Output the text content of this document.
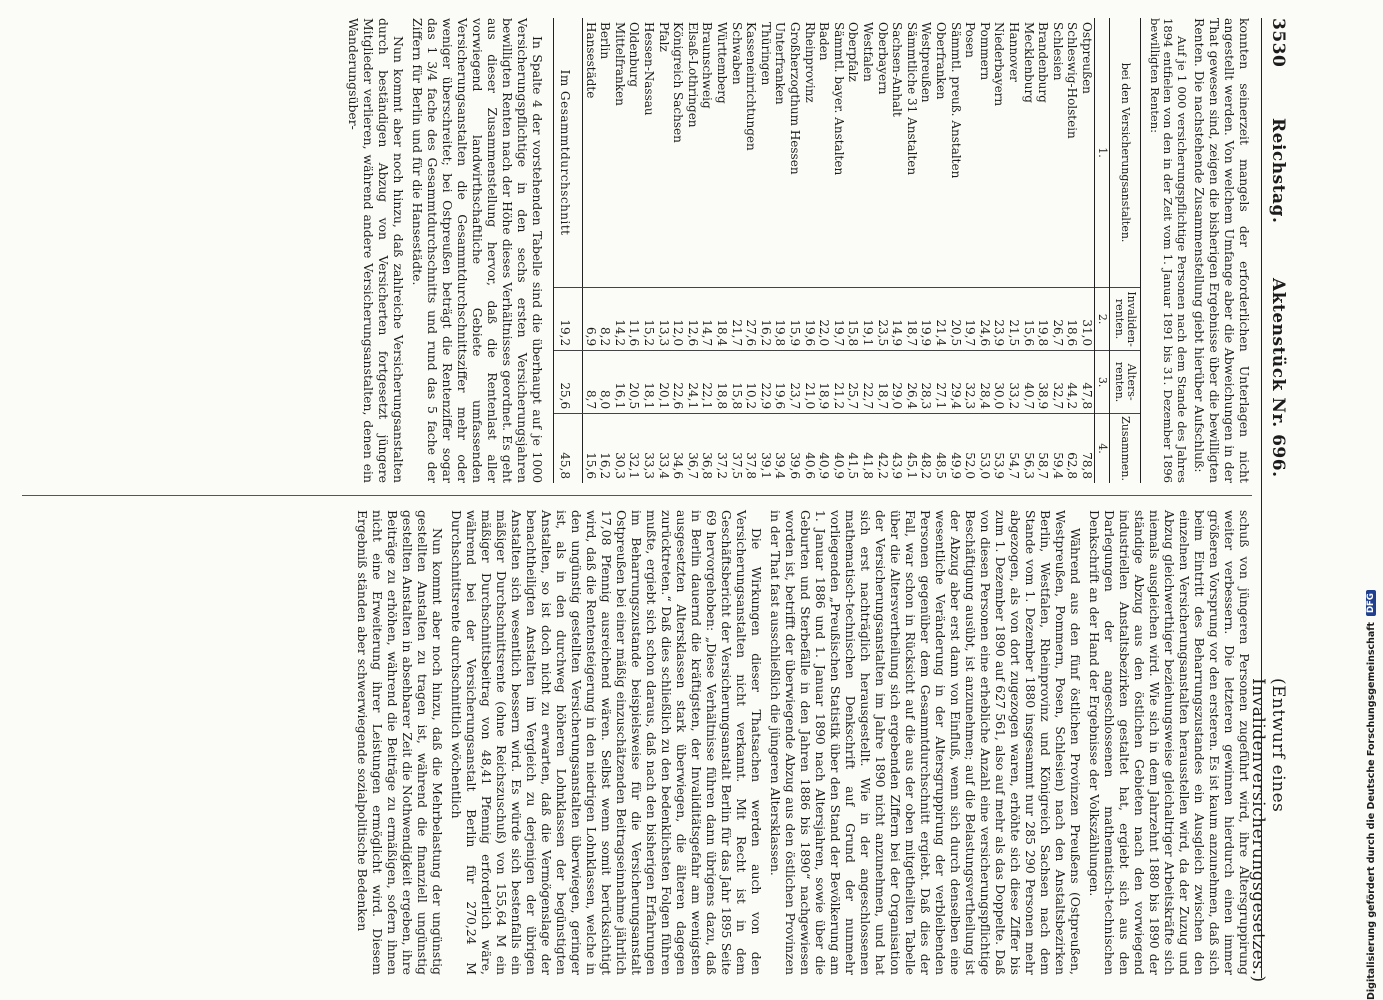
3530
Reichstag.
Aktenstück Nr. 696.
(Entwurf eines Invalidenversicherungsgesetzes.)

konnten seinerzeit mangels der erforderlichen Unterlagen nicht angestellt werden. Von welchem Umfange aber die Abweichungen in der That gewesen sind, zeigen die bisherigen Ergebnisse über die bewilligten Renten. Die nachstehende Zusammenstellung giebt hierüber Aufschluß:

Auf je 1 000 versicherungspflichtige Personen nach dem Stande des Jahres 1894 entfielen von den in der Zeit vom 1. Januar 1891 bis 31. Dezember 1896 bewilligten Renten:

bei den Versicherungsanstalten.	Invaliden-renten.	Alters-renten.	Zusammen.
1.	2.	3.	4.
Ostpreußen	31,0	47,8	78,8
Schleswig-Holstein	18,6	44,2	62,8
Schlesien	26,7	32,7	59,4
Brandenburg	19,8	38,9	58,7
Mecklenburg	15,6	40,7	56,3
Hannover	21,5	33,2	54,7
Niederbayern	23,9	30,0	53,9
Pommern	24,6	28,4	53,0
Posen	19,7	32,3	52,0
Sämmtl. preuß. Anstalten	20,5	29,4	49,9
Oberfranken	21,4	27,1	48,5
Westpreußen	19,9	28,3	48,2
Sämmtliche 31 Anstalten	18,7	26,4	45,1
Sachsen-Anhalt	14,9	29,0	43,9
Oberbayern	23,5	18,7	42,2
Westfalen	19,1	22,7	41,8
Oberpfalz	15,8	25,7	41,5
Sämmtl. bayer. Anstalten	19,7	21,2	40,9
Baden	22,0	18,9	40,9
Rheinprovinz	19,6	21,0	40,6
Großherzogthum Hessen	15,9	23,7	39,6
Unterfranken	19,8	19,6	39,4
Thüringen	16,2	22,9	39,1
Kasseneinrichtungen	27,6	10,2	37,8
Schwaben	21,7	15,8	37,5
Württemberg	18,4	18,8	37,2
Braunschweig	14,7	22,1	36,8
Elsaß-Lothringen	12,6	24,1	36,7
Königreich Sachsen	12,0	22,6	34,6
Pfalz	13,3	20,1	33,4
Hessen-Nassau	15,2	18,1	33,3
Oldenburg	11,6	20,5	32,1
Mittelfranken	14,2	16,1	30,3
Berlin	8,2	8,0	16,2
Hansestädte	6,9	8,7	15,6
Im Gesammtdurchschnitt	19,2	25,6	45,8

In Spalte 4 der vorstehenden Tabelle sind die überhaupt auf je 1000 Versicherungspflichtige in den sechs ersten Versicherungsjahren bewilligten Renten nach der Höhe dieses Verhältnisses geordnet. Es geht aus dieser Zusammenstellung hervor, daß die Rentenlast aller vorwiegend landwirthschaftliche Gebiete umfassenden Versicherungsanstalten die Gesammtdurchschnittsziffer mehr oder weniger überschreitet; bei Ostpreußen beträgt die Rentenziffer sogar das 1 3/4 fache des Gesammtdurchschnitts und rund das 5 fache der Ziffern für Berlin und für die Hansestädte.

Nun kommt aber noch hinzu, daß zahlreiche Versicherungsanstalten durch beständigen Abzug von Versicherten fortgesetzt jüngere Mitglieder verlieren, während andere Versicherungsanstalten, denen ein Wanderungsüber-

schuß von jüngeren Personen zugeführt wird, ihre Altersgruppirung weiter verbessern. Die letzteren gewinnen hierdurch einen immer größeren Vorsprung vor den ersteren. Es ist kaum anzunehmen, daß sich beim Eintritt des Beharrungszustandes ein Ausgleich zwischen den einzelnen Versicherungsanstalten herausstellen wird, da der Zuzug und Abzug gleichwerthiger beziehungsweise gleichaltriger Arbeitskräfte sich niemals ausgleichen wird. Wie sich in dem Jahrzehnt 1880 bis 1890 der ständige Abzug aus den östlichen Gebieten nach den vorwiegend industriellen Anstaltsbezirken gestaltet hat, ergiebt sich aus den Darlegungen der angeschlossenen mathematisch-technischen Denkschrift an der Hand der Ergebnisse der Volkszählungen.

Während aus den fünf östlichen Provinzen Preußens (Ostpreußen, Westpreußen, Pommern, Posen, Schlesien) nach den Anstaltsbezirken Berlin, Westfalen, Rheinprovinz und Königreich Sachsen nach dem Stande vom 1. Dezember 1880 insgesammt nur 285 290 Personen mehr abgezogen, als von dort zugezogen waren, erhöhte sich diese Ziffer bis zum 1. Dezember 1890 auf 627 561, also auf mehr als das Doppelte. Daß von diesen Personen eine erhebliche Anzahl eine versicherungspflichtige Beschäftigung ausübt, ist anzunehmen; auf die Belastungsvertheilung ist der Abzug aber erst dann von Einfluß, wenn sich durch denselben eine wesentliche Veränderung in der Altersgruppirung der verbleibenden Personen gegenüber dem Gesammtdurchschnitt ergiebt. Daß dies der Fall, war schon in Rücksicht auf die aus der oben mitgetheilten Tabelle über die Altersvertheilung sich ergebenden Ziffern bei der Organisation der Versicherungsanstalten im Jahre 1890 nicht anzunehmen, und hat sich erst nachträglich herausgestellt. Wie in der angeschlossenen mathematisch-technischen Denkschrift auf Grund der nunmehr vorliegenden „Preußischen Statistik über den Stand der Bevölkerung am 1. Januar 1886 und 1. Januar 1890 nach Altersjahren, sowie über die Geburten und Sterbefälle in den Jahren 1886 bis 1890“ nachgewiesen worden ist, betrifft der überwiegende Abzug aus den östlichen Provinzen in der That fast ausschließlich die jüngeren Altersklassen.

Die Wirkungen dieser Thatsachen werden auch von den Versicherungsanstalten nicht verkannt. Mit Recht ist in dem Geschäftsbericht der Versicherungsanstalt Berlin für das Jahr 1895 Seite 69 hervorgehoben: „Diese Verhältnisse führen dann übrigens dazu, daß in Berlin dauernd die kräftigsten, der Invaliditätsgefahr am wenigsten ausgesetzten Altersklassen stark überwiegen, die älteren dagegen zurücktreten.“ Daß dies schließlich zu den bedenklichsten Folgen führen mußte, ergiebt sich schon daraus, daß nach den bisherigen Erfahrungen im Beharrungszustande beispielsweise für die Versicherungsanstalt Ostpreußen bei einer mäßig einzuschätzenden Beitragseinnahme jährlich 17,08 Pfennig ausreichend wären. Selbst wenn somit berücksichtigt wird, daß die Rentensteigerung in den niedrigen Lohnklassen, welche in den ungünstig gestellten Versicherungsanstalten überwiegen, geringer ist, als in den durchweg höheren Lohnklassen der begünstigten Anstalten, so ist doch nicht zu erwarten, daß die Vermögenslage der benachtheiligten Anstalten im Vergleich zu derjenigen der übrigen Anstalten sich wesentlich bessern wird. Es würde sich bestenfalls ein mäßiger Durchschnittsrente (ohne Reichszuschuß) von 155,64 M ein mäßiger Durchschnittsbeitrag von 48,41 Pfennig erforderlich wäre, während bei der Versicherungsanstalt Berlin für 270,24 M Durchschnittsrente durchschnittlich wöchentlich

Nun kommt aber noch hinzu, daß die Mehrbelastung der ungünstig gestellten Anstalten zu tragen ist, während die finanziell ungünstig gestellten Anstalten in absehbarer Zeit die Nothwendigkeit ergeben, ihre Beiträge zu erhöhen, während die Beiträge zu ermäßigen, sofern ihnen nicht eine Erweiterung ihrer Leistungen ermöglicht wird. Diesem Ergebniß ständen aber schwerwiegende sozialpolitische Bedenken	Digitalisierung gefördert durch die Deutsche Forschungsgemeinschaft
DFG
